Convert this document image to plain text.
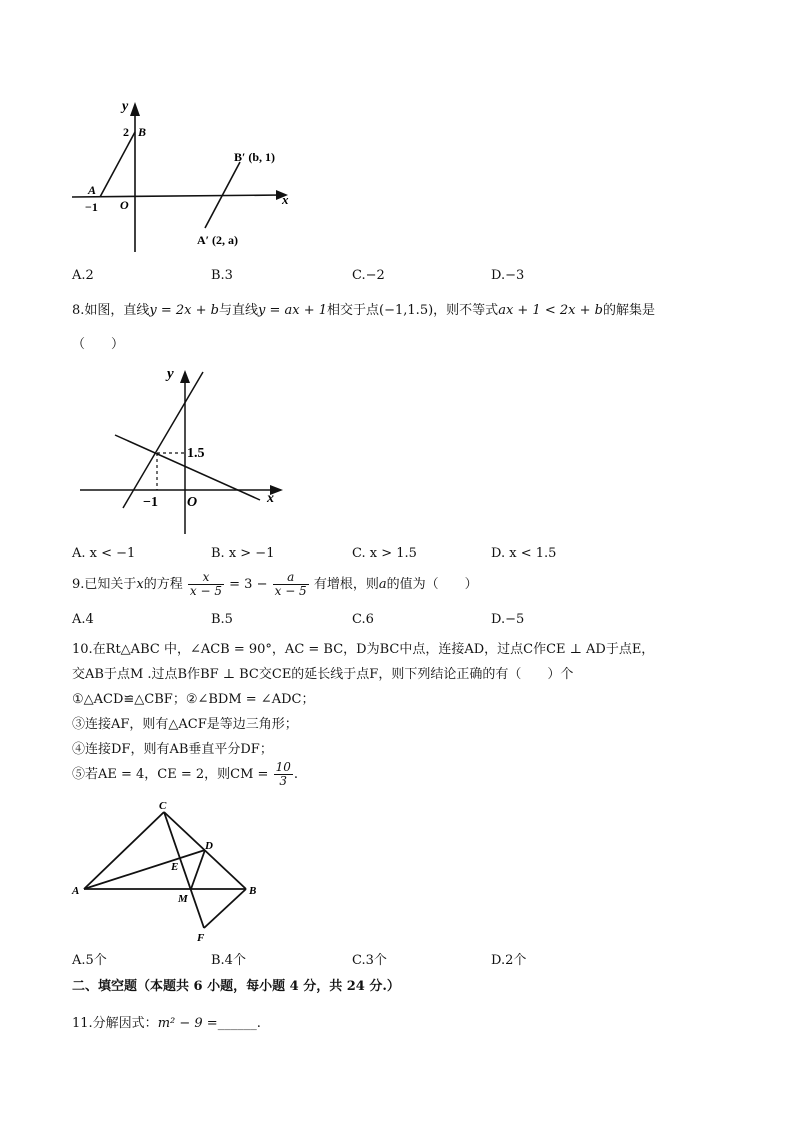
y
x
2 B
A
−1 O
B′ (b, 1)
A′ (2, a)
A.2	B.3	C.−2	D.−3
8.如图，直线y = 2x + b与直线y = ax + 1相交于点(−1,1.5)，则不等式ax + 1 < 2x + b的解集是
（　　）
y
x
1.5
−1 O
A. x < −1	B. x > −1	C. x > 1.5	D. x < 1.5
9.已知关于x的方程 $\frac{x}{x - 5} = 3 - \frac{a}{x - 5}$ 有增根，则a的值为（　　）
A.4	B.5	C.6	D.−5
10.在Rt△ABC 中，∠ACB = 90°，AC = BC，D为BC中点，连接AD，过点C作CE ⊥ AD于点E，
交AB于点M .过点B作BF ⊥ BC交CE的延长线于点F，则下列结论正确的有（　　）个
①△ACD≌△CBF；②∠BDM = ∠ADC；
③连接AF，则有△ACF是等边三角形；
④连接DF，则有AB垂直平分DF；
⑤若AE = 4，CE = 2，则CM = $\frac{10}{3}$ .
C
D
E
A
M
B
F
A.5个	B.4个	C.3个	D.2个
二、填空题（本题共 6 小题，每小题 4 分，共 24 分.）
11.分解因式：m² − 9 =______.
